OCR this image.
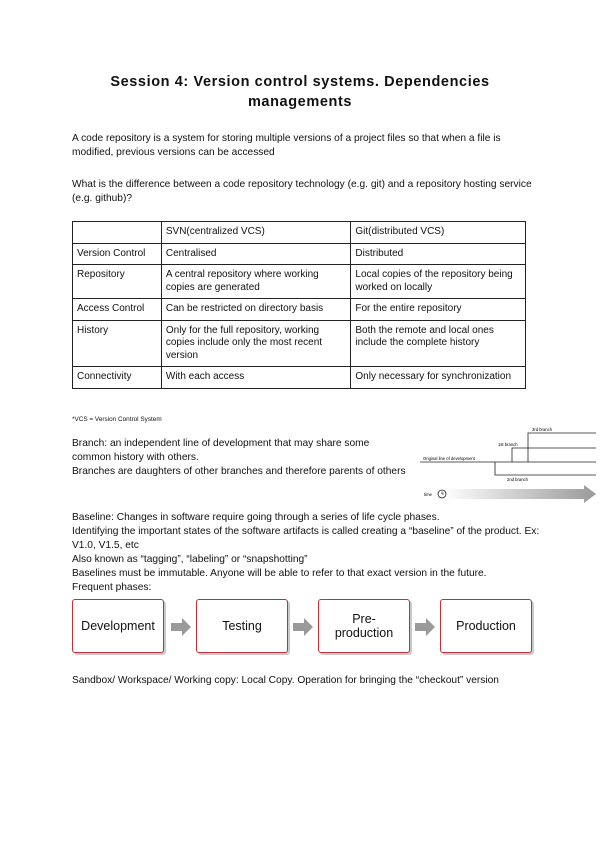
Session 4: Version control systems. Dependencies
managements
A code repository is a system for storing multiple versions of a project files so that when a file is modified, previous versions can be accessed
What is the difference between a code repository technology (e.g. git) and a repository hosting service (e.g. github)?
	SVN(centralized VCS)	Git(distributed VCS)
Version Control	Centralised	Distributed
Repository	A central repository where working copies are generated	Local copies of the repository being worked on locally
Access Control	Can be restricted on directory basis	For the entire repository
History	Only for the full repository, working copies include only the most recent version	Both the remote and local ones include the complete history
Connectivity	With each access	Only necessary for synchronization
*VCS = Version Control System
Branch: an independent line of development that may share some common history with others.
Branches are daughters of other branches and therefore parents of others
3rd branch
1st branch
Original line of development
2nd branch
time
Baseline: Changes in software require going through a series of life cycle phases.
Identifying the important states of the software artifacts is called creating a “baseline” of the product. Ex: V1.0, V1.5, etc
Also known as “tagging”, “labeling” or “snapshotting”
Baselines must be immutable. Anyone will be able to refer to that exact version in the future.
Frequent phases:
Development	Testing	Pre-
production	Production
Sandbox/ Workspace/ Working copy: Local Copy. Operation for bringing the “checkout” version
